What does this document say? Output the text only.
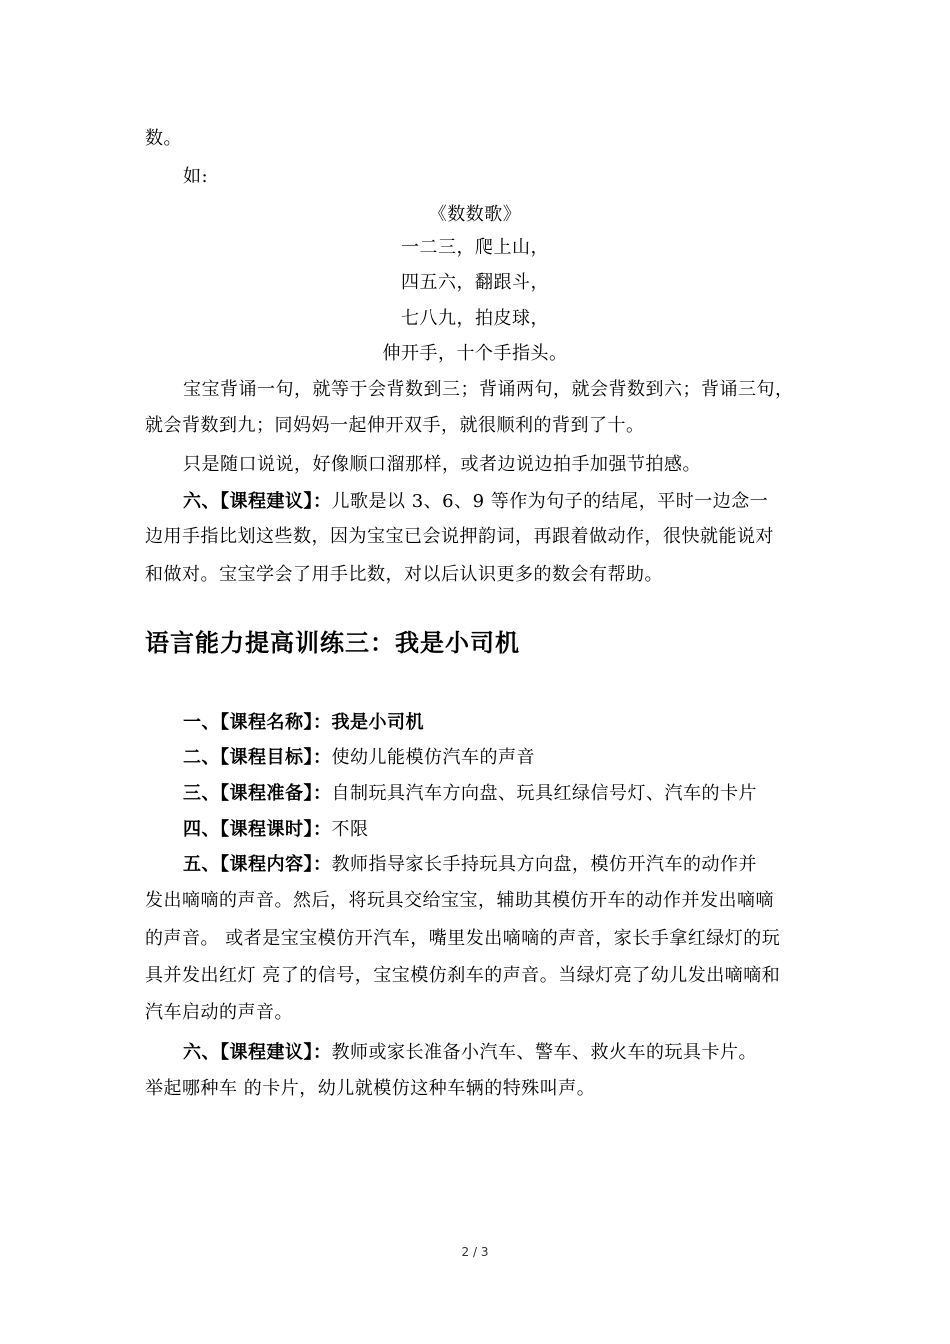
数。
如:
《数数歌》
一二三，爬上山，
四五六，翻跟斗，
七八九，拍皮球，
伸开手，十个手指头。
宝宝背诵一句，就等于会背数到三；背诵两句，就会背数到六；背诵三句，
就会背数到九；同妈妈一起伸开双手，就很顺利的背到了十。
只是随口说说，好像顺口溜那样，或者边说边拍手加强节拍感。
六、【课程建议】：儿歌是以 3、6、9 等作为句子的结尾，平时一边念一
边用手指比划这些数，因为宝宝已会说押韵词，再跟着做动作，很快就能说对
和做对。宝宝学会了用手比数，对以后认识更多的数会有帮助。
语言能力提高训练三：我是小司机
一、【课程名称】：我是小司机
二、【课程目标】：使幼儿能模仿汽车的声音
三、【课程准备】：自制玩具汽车方向盘、玩具红绿信号灯、汽车的卡片
四、【课程课时】：不限
五、【课程内容】：教师指导家长手持玩具方向盘，模仿开汽车的动作并
发出嘀嘀的声音。然后，将玩具交给宝宝，辅助其模仿开车的动作并发出嘀嘀
的声音。 或者是宝宝模仿开汽车，嘴里发出嘀嘀的声音，家长手拿红绿灯的玩
具并发出红灯 亮了的信号，宝宝模仿刹车的声音。当绿灯亮了幼儿发出嘀嘀和
汽车启动的声音。
六、【课程建议】：教师或家长准备小汽车、警车、救火车的玩具卡片。
举起哪种车 的卡片，幼儿就模仿这种车辆的特殊叫声。
2 / 3
